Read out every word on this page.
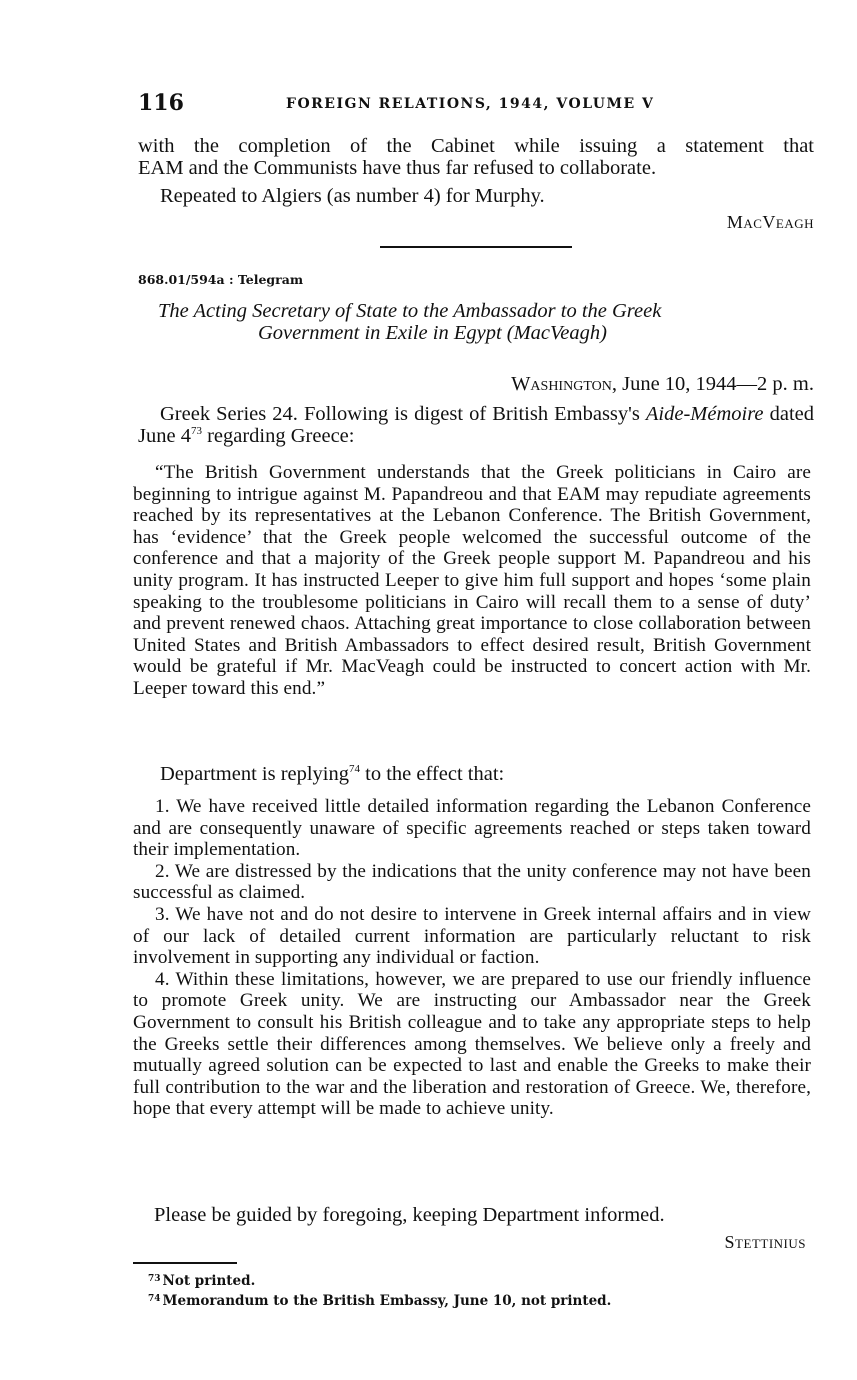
116	FOREIGN RELATIONS, 1944, VOLUME V
with the completion of the Cabinet while issuing a statement that
EAM and the Communists have thus far refused to collaborate.
Repeated to Algiers (as number 4) for Murphy.
MacVeagh
868.01/594a : Telegram
The Acting Secretary of State to the Ambassador to the Greek
Government in Exile in Egypt (MacVeagh)
Washington, June 10, 1944—2 p. m.
Greek Series 24. Following is digest of British Embassy's Aide-Mémoire dated June $4^{73}$ regarding Greece:
“The British Government understands that the Greek politicians in Cairo are beginning to intrigue against M. Papandreou and that EAM may repudiate agreements reached by its representatives at the Lebanon Conference. The British Government, has ‘evidence’ that the Greek people welcomed the successful outcome of the conference and that a majority of the Greek people support M. Papandreou and his unity program. It has instructed Leeper to give him full support and hopes ‘some plain speaking to the troublesome politicians in Cairo will recall them to a sense of duty’ and prevent renewed chaos. Attaching great importance to close collaboration between United States and British Ambassadors to effect desired result, British Government would be grateful if Mr. MacVeagh could be instructed to concert action with Mr. Leeper toward this end.”
Department is replying$^{74}$ to the effect that:
1. We have received little detailed information regarding the Lebanon Conference and are consequently unaware of specific agreements reached or steps taken toward their implementation.
2. We are distressed by the indications that the unity conference may not have been successful as claimed.
3. We have not and do not desire to intervene in Greek internal affairs and in view of our lack of detailed current information are particularly reluctant to risk involvement in supporting any individual or faction.
4. Within these limitations, however, we are prepared to use our friendly influence to promote Greek unity. We are instructing our Ambassador near the Greek Government to consult his British colleague and to take any appropriate steps to help the Greeks settle their differences among themselves. We believe only a freely and mutually agreed solution can be expected to last and enable the Greeks to make their full contribution to the war and the liberation and restoration of Greece. We, therefore, hope that every attempt will be made to achieve unity.
Please be guided by foregoing, keeping Department informed.
Stettinius
$^{73}$ Not printed.
$^{74}$ Memorandum to the British Embassy, June 10, not printed.
